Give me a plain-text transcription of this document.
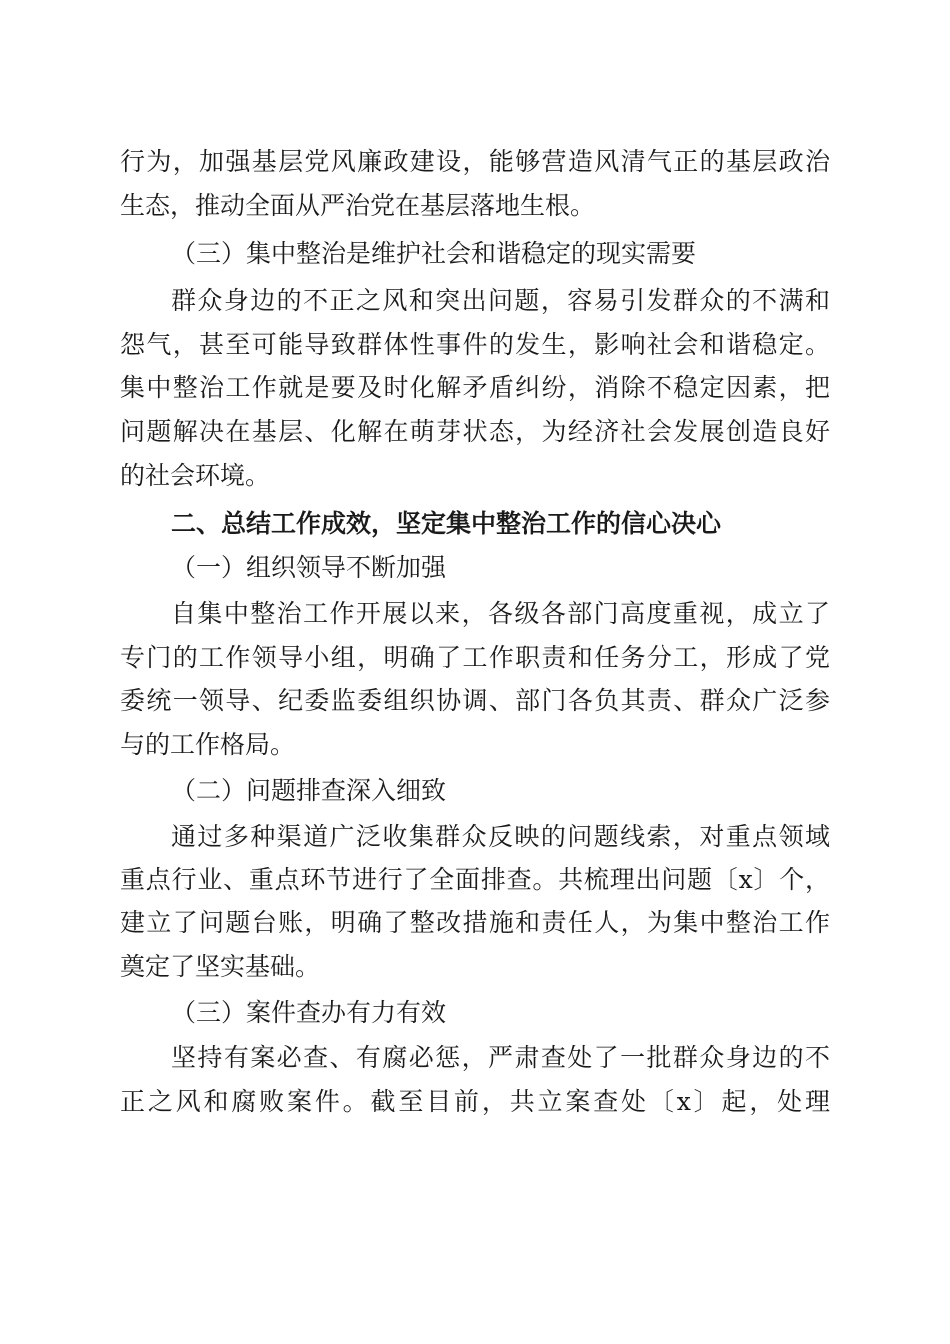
行为，加强基层党风廉政建设，能够营造风清气正的基层政治
生态，推动全面从严治党在基层落地生根。
（三）集中整治是维护社会和谐稳定的现实需要
群众身边的不正之风和突出问题，容易引发群众的不满和
怨气，甚至可能导致群体性事件的发生，影响社会和谐稳定。
集中整治工作就是要及时化解矛盾纠纷，消除不稳定因素，把
问题解决在基层、化解在萌芽状态，为经济社会发展创造良好
的社会环境。
二、总结工作成效，坚定集中整治工作的信心决心
（一）组织领导不断加强
自集中整治工作开展以来，各级各部门高度重视，成立了
专门的工作领导小组，明确了工作职责和任务分工，形成了党
委统一领导、纪委监委组织协调、部门各负其责、群众广泛参
与的工作格局。
（二）问题排查深入细致
通过多种渠道广泛收集群众反映的问题线索，对重点领域
重点行业、重点环节进行了全面排查。共梳理出问题〔x〕个，
建立了问题台账，明确了整改措施和责任人，为集中整治工作
奠定了坚实基础。
（三）案件查办有力有效
坚持有案必查、有腐必惩，严肃查处了一批群众身边的不
正之风和腐败案件。截至目前，共立案查处〔x〕起，处理
